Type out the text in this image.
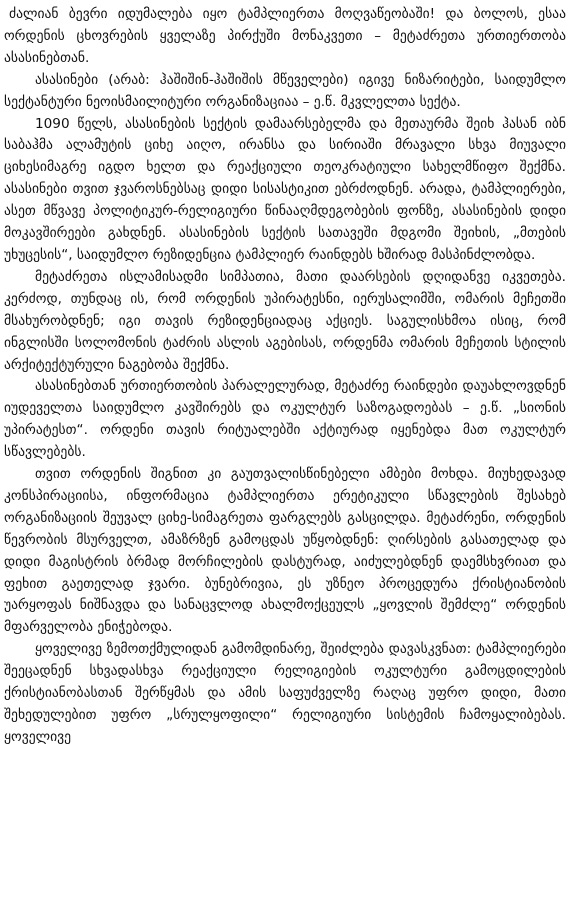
ძალიან ბევრი იდუმალება იყო ტამპლიერთა მოღვაწეობაში! და ბოლოს, ესაა ორდენის ცხოვრების ყველაზე პირქუში მონაკვეთი – მეტაძრეთა ურთიერთობა ასასინებთან.

ასასინები (არაბ: ჰაშიშინ-ჰაშიშის მწეველები) იგივე ნიზარიტები, საიდუმლო სექტანტური ნეოისმაილიტური ორგანიზაციაა – ე.წ. მკვლელთა სექტა.

1090 წელს, ასასინების სექტის დამაარსებელმა და მეთაურმა შეიხ ჰასან იბნ საბაჰმა ალამუტის ციხე აიღო, ირანსა და სირიაში მრავალი სხვა მიუვალი ციხესიმაგრე იგდო ხელთ და რეაქციული თეოკრატიული სახელმწიფო შექმნა. ასასინები თვით ჯვაროსნებსაც დიდი სისასტიკით ებრძოდნენ. არადა, ტამპლიერები, ასეთ მწვავე პოლიტიკურ-რელიგიური წინააღმდეგობების ფონზე, ასასინების დიდი მოკავშირეები გახდნენ. ასასინების სექტის სათავეში მდგომი შეიხის, „მთების უხუცესის“, საიდუმლო რეზიდენცია ტამპლიერ რაინდებს ხშირად მასპინძლობდა.

მეტაძრეთა ისლამისადმი სიმპათია, მათი დაარსების დღიდანვე იკვეთება. კერძოდ, თუნდაც ის, რომ ორდენის უპირატესნი, იერუსალიმში, ომარის მეჩეთში მსახურობდნენ; იგი თავის რეზიდენციადაც აქციეს. საგულისხმოა ისიც, რომ ინგლისში სოლომონის ტაძრის ასლის აგებისას, ორდენმა ომარის მეჩეთის სტილის არქიტექტურული ნაგებობა შექმნა.

ასასინებთან ურთიერთობის პარალელურად, მეტაძრე რაინდები დაუახლოვდნენ იუდეველთა საიდუმლო კავშირებს და ოკულტურ საზოგადოებას – ე.წ. „სიონის უპირატესთ“. ორდენი თავის რიტუალებში აქტიურად იყენებდა მათ ოკულტურ სწავლებებს.

თვით ორდენის შიგნით კი გაუთვალისწინებელი ამბები მოხდა. მიუხედავად კონსპირაციისა, ინფორმაცია ტამპლიერთა ერეტიკული სწავლების შესახებ ორგანიზაციის შეუვალ ციხე-სიმაგრეთა ფარგლებს გასცილდა. მეტაძრენი, ორდენის წევრობის მსურველთ, ამაზრზენ გამოცდას უწყობდნენ: ღირსების გასათელად და დიდი მაგისტრის ბრმად მორჩილების დასტურად, აიძულებდნენ დაემსხვრიათ და ფეხით გაეთელად ჯვარი. ბუნებრივია, ეს უზნეო პროცედურა ქრისტიანობის უარყოფას ნიშნავდა და სანაცვლოდ ახალმოქცეულს „ყოვლის შემძლე“ ორდენის მფარველობა ენიჭებოდა.

ყოველივე ზემოთქმულიდან გამომდინარე, შეიძლება დავასკვნათ: ტამპლიერები შეეცადნენ სხვადასხვა რეაქციული რელიგიების ოკულტური გამოცდილების ქრისტიანობასთან შერწყმას და ამის საფუძველზე რაღაც უფრო დიდი, მათი შეხედულებით უფრო „სრულყოფილი“ რელიგიური სისტემის ჩამოყალიბებას. ყოველივე
